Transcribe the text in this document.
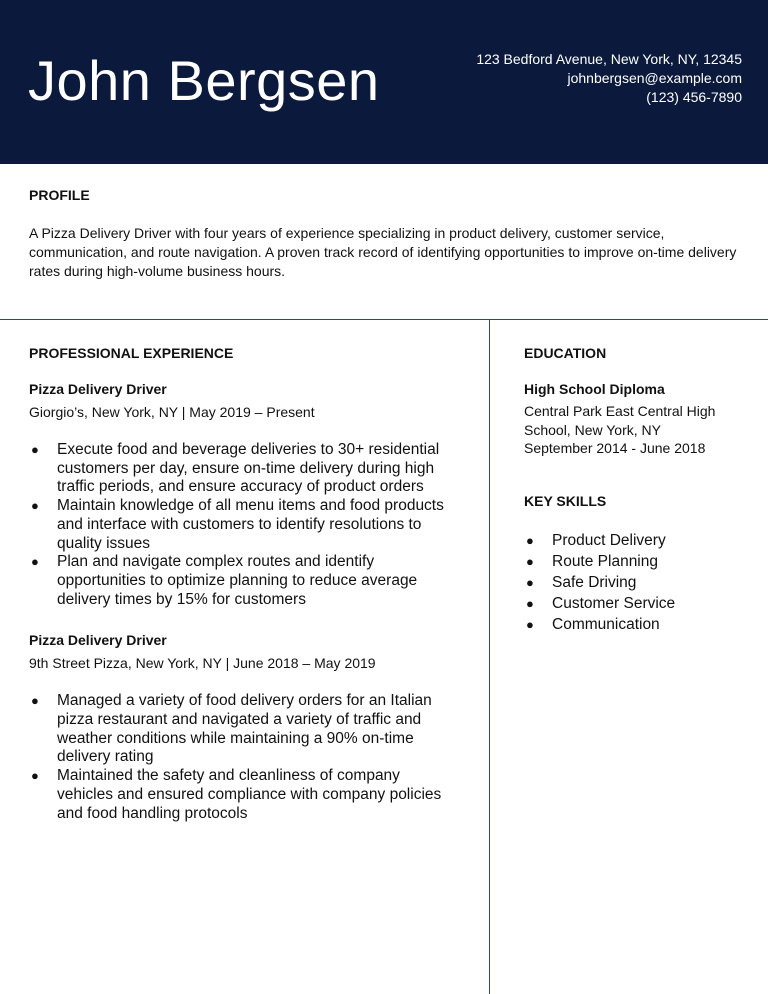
John Bergsen	123 Bedford Avenue, New York, NY, 12345
johnbergsen@example.com
(123) 456-7890

PROFILE

A Pizza Delivery Driver with four years of experience specializing in product delivery, customer service, communication, and route navigation. A proven track record of identifying opportunities to improve on-time delivery rates during high-volume business hours.

PROFESSIONAL EXPERIENCE

Pizza Delivery Driver

Giorgio’s, New York, NY | May 2019 – Present

● Execute food and beverage deliveries to 30+ residential customers per day, ensure on-time delivery during high traffic periods, and ensure accuracy of product orders
● Maintain knowledge of all menu items and food products and interface with customers to identify resolutions to quality issues
● Plan and navigate complex routes and identify opportunities to optimize planning to reduce average delivery times by 15% for customers

Pizza Delivery Driver

9th Street Pizza, New York, NY | June 2018 – May 2019

● Managed a variety of food delivery orders for an Italian pizza restaurant and navigated a variety of traffic and weather conditions while maintaining a 90% on-time delivery rating
● Maintained the safety and cleanliness of company vehicles and ensured compliance with company policies and food handling protocols

EDUCATION

High School Diploma

Central Park East Central High School, New York, NY

September 2014 - June 2018

KEY SKILLS

● Product Delivery
● Route Planning
● Safe Driving
● Customer Service
● Communication
